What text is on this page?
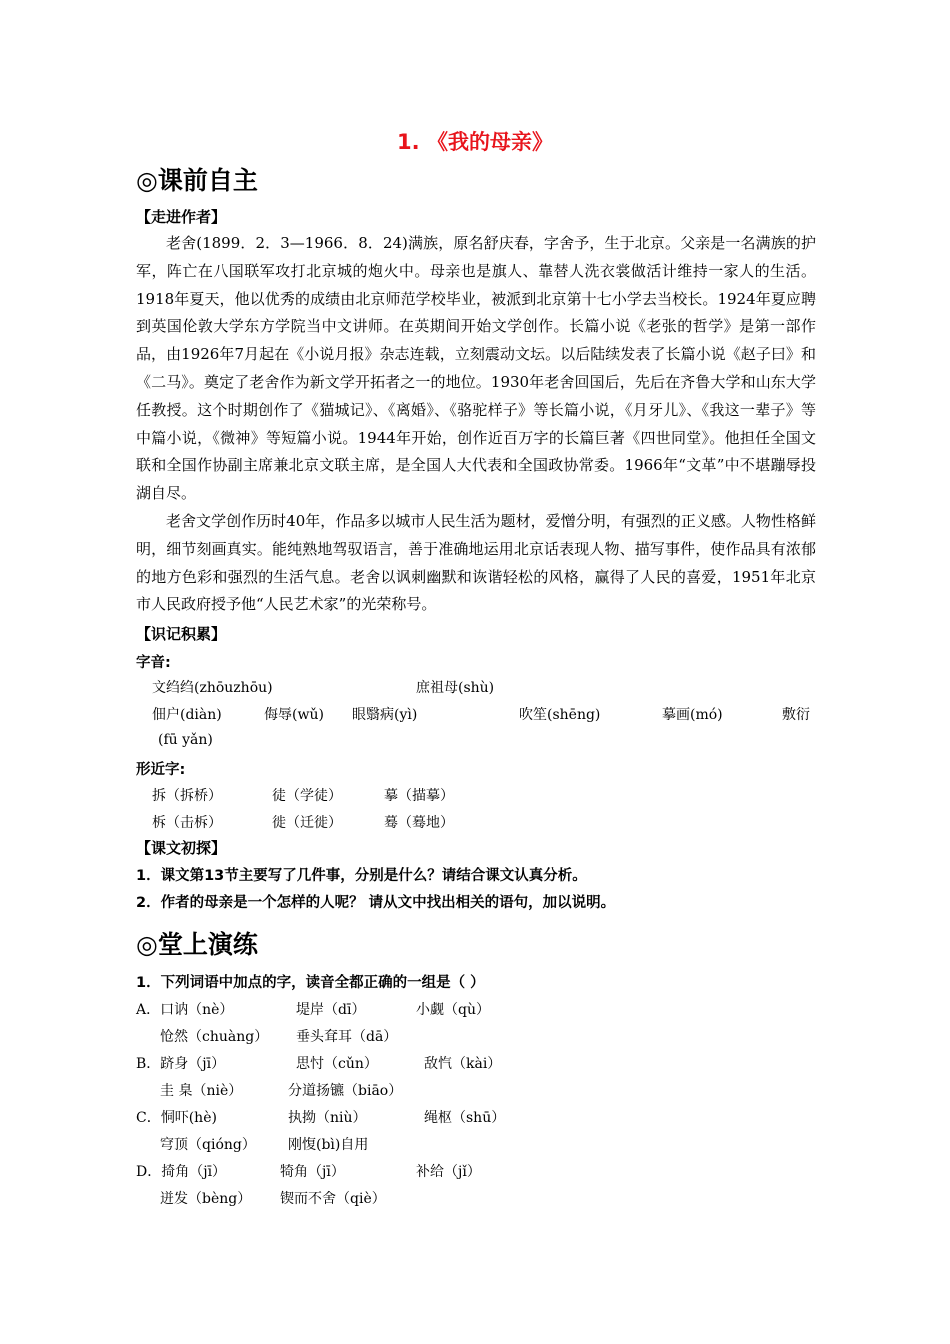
1. 《我的母亲》
◎课前自主
【走进作者】

老舍(1899．2．3—1966．8．24)满族，原名舒庆春，字舍予，生于北京。父亲是一名满族的护军，阵亡在八国联军攻打北京城的炮火中。母亲也是旗人、靠替人洗衣裳做活计维持一家人的生活。1918年夏天，他以优秀的成绩由北京师范学校毕业，被派到北京第十七小学去当校长。1924年夏应聘到英国伦敦大学东方学院当中文讲师。在英期间开始文学创作。长篇小说《老张的哲学》是第一部作品，由1926年7月起在《小说月报》杂志连载，立刻震动文坛。以后陆续发表了长篇小说《赵子曰》和《二马》。奠定了老舍作为新文学开拓者之一的地位。1930年老舍回国后，先后在齐鲁大学和山东大学任教授。这个时期创作了《猫城记》、《离婚》、《骆驼样子》等长篇小说，《月牙儿》、《我这一辈子》等中篇小说，《微神》等短篇小说。1944年开始，创作近百万字的长篇巨著《四世同堂》。他担任全国文联和全国作协副主席兼北京文联主席，是全国人大代表和全国政协常委。1966年“文革”中不堪蹦辱投湖自尽。

老舍文学创作历时40年，作品多以城市人民生活为题材，爱憎分明，有强烈的正义感。人物性格鲜明，细节刻画真实。能纯熟地驾驭语言，善于准确地运用北京话表现人物、描写事件，使作品具有浓郁的地方色彩和强烈的生活气息。老舍以讽刺幽默和诙谐轻松的风格，赢得了人民的喜爱，1951年北京市人民政府授予他“人民艺术家”的光荣称号。

【识记积累】
字音:
文绉绉(zhōuzhōu)	庶祖母(shù)
佃户(diàn)	侮辱(wǔ) 眼翳病(yì)	吹笙(shēng)	摹画(mó)	敷衍
(fū yǎn)
形近字:
拆（拆桥）	徒（学徒）	摹（描摹）
柝（击柝）	徙（迁徙）	蓦（蓦地）
【课文初探】
1．课文第13节主要写了几件事，分别是什么？请结合课文认真分析。
2．作者的母亲是一个怎样的人呢？ 请从文中找出相关的语句，加以说明。
◎堂上演练
1．下列词语中加点的字，读音全都正确的一组是（ ）
A．口讷（nè）	堤岸（dī）	小觑（qù）
怆然（chuàng） 垂头耷耳（dā）
B．跻身（jī）	思忖（cǔn）	敌忾（kài）
圭 臬（niè）	分道扬镳（biāo）
C．恫吓(hè)	执拗（niù）	绳枢（shū）
穹顶（qióng） 刚愎(bì)自用
D．掎角（jī）	犄角（jī）	补给（jǐ）
迸发（bèng） 锲而不舍（qiè）
